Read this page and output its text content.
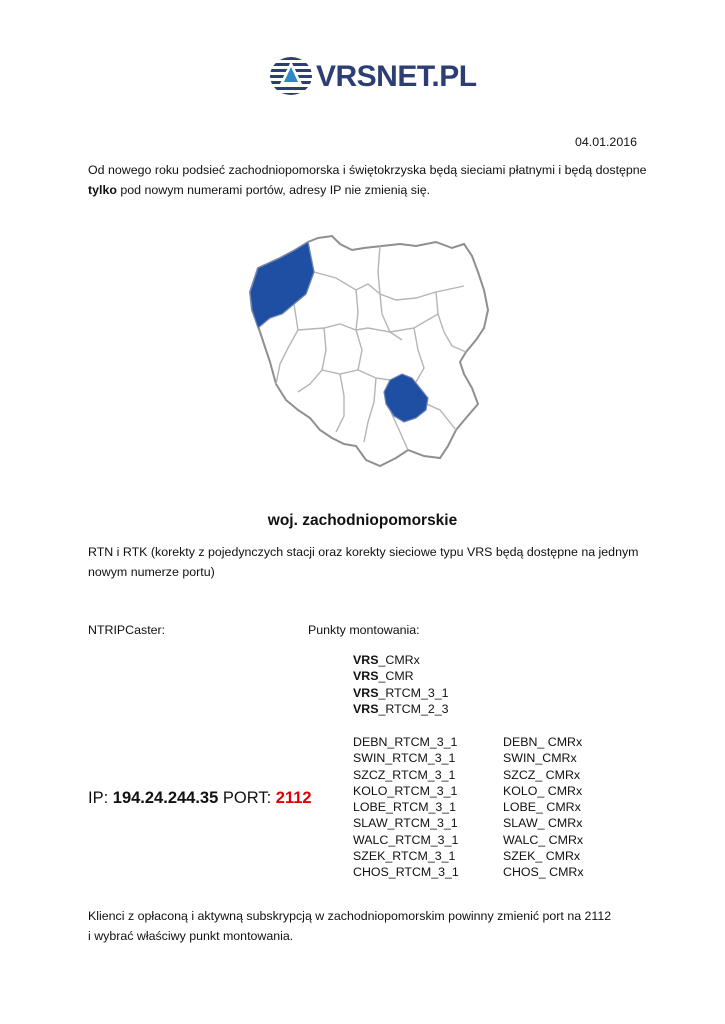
VRSNET.PL
04.01.2016
Od nowego roku podsieć zachodniopomorska i świętokrzyska będą sieciami płatnymi i będą dostępne tylko pod nowym numerami portów, adresy IP nie zmienią się.
woj. zachodniopomorskie
RTN i RTK (korekty z pojedynczych stacji oraz korekty sieciowe typu VRS będą dostępne na jednym nowym numerze portu)
NTRIPCaster:	Punkty montowania:
VRS_CMRx
VRS_CMR
VRS_RTCM_3_1
VRS_RTCM_2_3
DEBN_RTCM_3_1
SWIN_RTCM_3_1
SZCZ_RTCM_3_1
KOLO_RTCM_3_1
LOBE_RTCM_3_1
SLAW_RTCM_3_1
WALC_RTCM_3_1
SZEK_RTCM_3_1
CHOS_RTCM_3_1
DEBN_ CMRx
SWIN_CMRx
SZCZ_ CMRx
KOLO_ CMRx
LOBE_ CMRx
SLAW_ CMRx
WALC_ CMRx
SZEK_ CMRx
CHOS_ CMRx
IP: 194.24.244.35 PORT: 2112
Klienci z opłaconą i aktywną subskrypcją w zachodniopomorskim powinny zmienić port na 2112
i wybrać właściwy punkt montowania.
